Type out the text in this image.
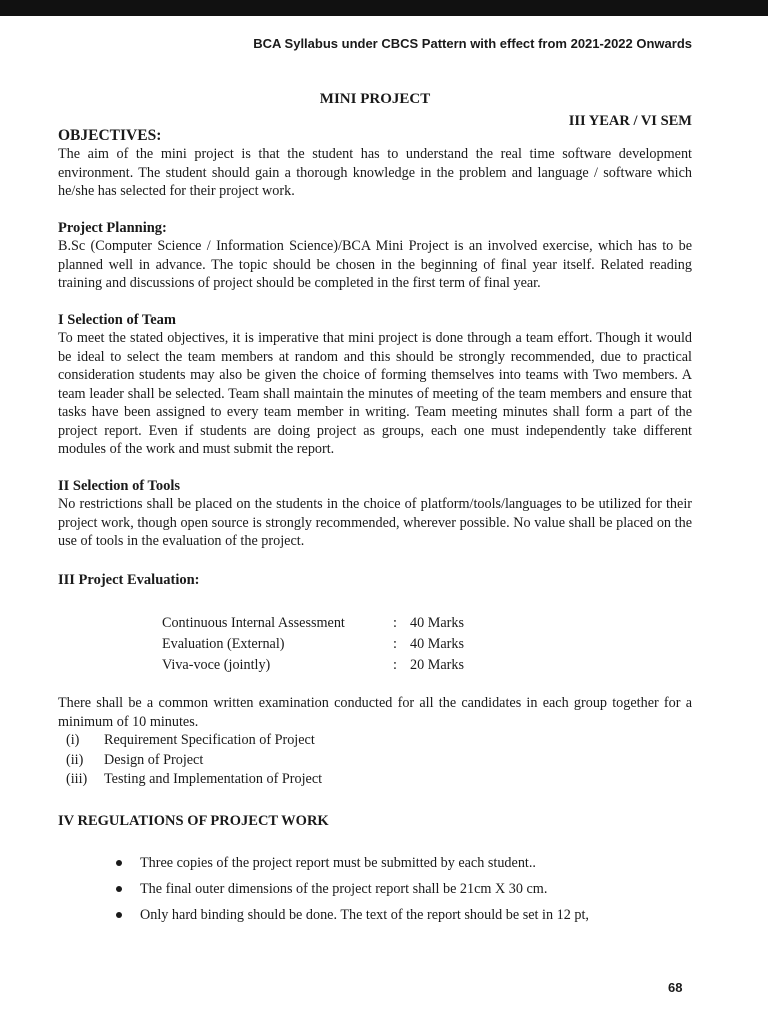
BCA Syllabus under CBCS Pattern with effect from 2021-2022 Onwards
MINI PROJECT
III YEAR / VI SEM
OBJECTIVES:

The aim of the mini project is that the student has to understand the real time software development environment. The student should gain a thorough knowledge in the problem and language / software which he/she has selected for their project work.

Project Planning:

B.Sc (Computer Science / Information Science)/BCA Mini Project is an involved exercise, which has to be planned well in advance. The topic should be chosen in the beginning of final year itself. Related reading training and discussions of project should be completed in the first term of final year.

I Selection of Team

To meet the stated objectives, it is imperative that mini project is done through a team effort. Though it would be ideal to select the team members at random and this should be strongly recommended, due to practical consideration students may also be given the choice of forming themselves into teams with Two members. A team leader shall be selected. Team shall maintain the minutes of meeting of the team members and ensure that tasks have been assigned to every team member in writing. Team meeting minutes shall form a part of the project report. Even if students are doing project as groups, each one must independently take different modules of the work and must submit the report.

II Selection of Tools

No restrictions shall be placed on the students in the choice of platform/tools/languages to be utilized for their project work, though open source is strongly recommended, wherever possible. No value shall be placed on the use of tools in the evaluation of the project.

III Project Evaluation:
Continuous Internal Assessment	:	40 Marks
Evaluation (External)	:	40 Marks
Viva-voce (jointly)	:	20 Marks

There shall be a common written examination conducted for all the candidates in each group together for a minimum of 10 minutes.

(i)	Requirement Specification of Project
(ii)	Design of Project
(iii)	Testing and Implementation of Project
IV REGULATIONS OF PROJECT WORK
Three copies of the project report must be submitted by each student..
The final outer dimensions of the project report shall be 21cm X 30 cm.
Only hard binding should be done. The text of the report should be set in 12 pt,
68
